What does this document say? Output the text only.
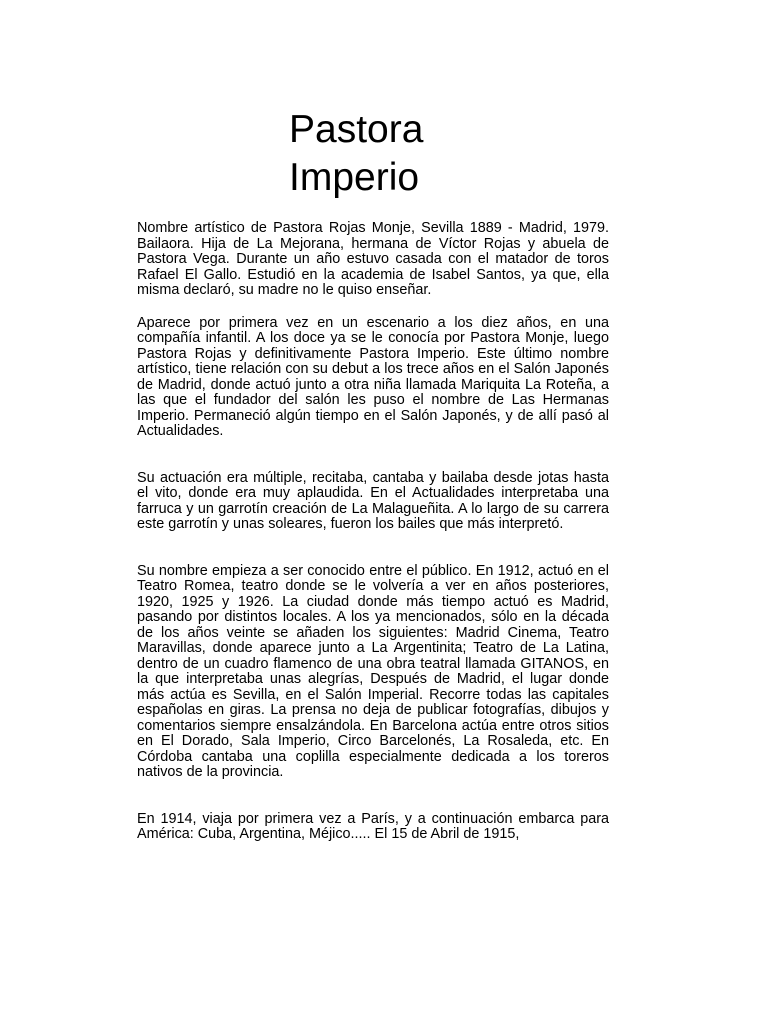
Pastora
Imperio

Nombre artístico de Pastora Rojas Monje, Sevilla 1889 - Madrid, 1979. Bailaora. Hija de La Mejorana, hermana de Víctor Rojas y abuela de Pastora Vega. Durante un año estuvo casada con el matador de toros Rafael El Gallo. Estudió en la academia de Isabel Santos, ya que, ella misma declaró, su madre no le quiso enseñar.

Aparece por primera vez en un escenario a los diez años, en una compañía infantil. A los doce ya se le conocía por Pastora Monje, luego Pastora Rojas y definitivamente Pastora Imperio. Este último nombre artístico, tiene relación con su debut a los trece años en el Salón Japonés de Madrid, donde actuó junto a otra niña llamada Mariquita La Roteña, a las que el fundador del salón les puso el nombre de Las Hermanas Imperio. Permaneció algún tiempo en el Salón Japonés, y de allí pasó al Actualidades.

Su actuación era múltiple, recitaba, cantaba y bailaba desde jotas hasta el vito, donde era muy aplaudida. En el Actualidades interpretaba una farruca y un garrotín creación de La Malagueñita. A lo largo de su carrera este garrotín y unas soleares, fueron los bailes que más interpretó.

Su nombre empieza a ser conocido entre el público. En 1912, actuó en el Teatro Romea, teatro donde se le volvería a ver en años posteriores, 1920, 1925 y 1926. La ciudad donde más tiempo actuó es Madrid, pasando por distintos locales. A los ya mencionados, sólo en la década de los años veinte se añaden los siguientes: Madrid Cinema, Teatro Maravillas, donde aparece junto a La Argentinita; Teatro de La Latina, dentro de un cuadro flamenco de una obra teatral llamada GITANOS, en la que interpretaba unas alegrías, Después de Madrid, el lugar donde más actúa es Sevilla, en el Salón Imperial. Recorre todas las capitales españolas en giras. La prensa no deja de publicar fotografías, dibujos y comentarios siempre ensalzándola. En Barcelona actúa entre otros sitios en El Dorado, Sala Imperio, Circo Barcelonés, La Rosaleda, etc. En Córdoba cantaba una coplilla especialmente dedicada a los toreros nativos de la provincia.

En 1914, viaja por primera vez a París, y a continuación embarca para América: Cuba, Argentina, Méjico..... El 15 de Abril de 1915,
